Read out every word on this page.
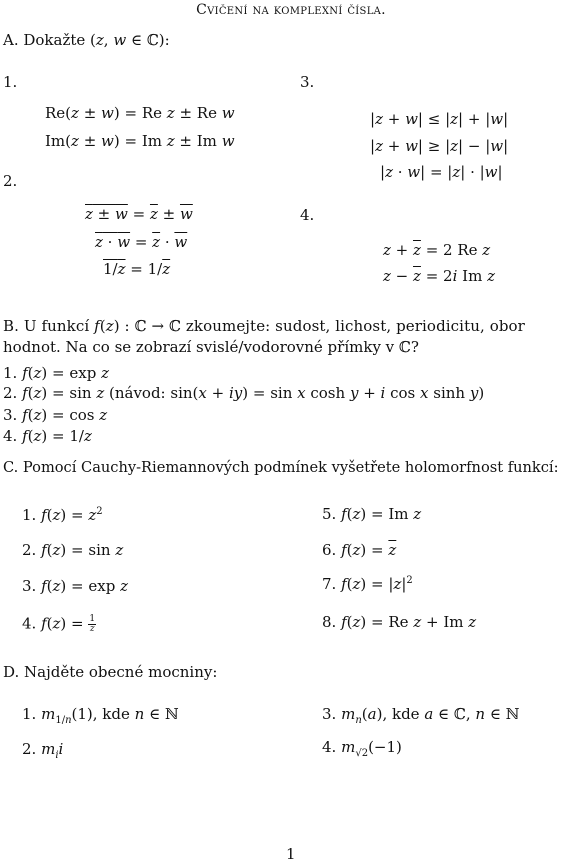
Cvičení na komplexní čísla.
A. Dokažte (z, w ∈ ℂ):
1.
Re(z ± w) = Re z ± Re w
Im(z ± w) = Im z ± Im w
2.
$z \pm w = \overline{z} \pm \overline{w}$
$z \cdot w = \overline{z} \cdot \overline{w}$
$1/z = 1/\overline{z}$
3.
|z + w| ≤ |z| + |w|
|z + w| ≥ |z| − |w|
|z · w| = |z| · |w|
4.
$z + \overline{z} = 2$ Re z
$z - \overline{z} = 2i$ Im z
B. U funkcí f(z) : ℂ → ℂ zkoumejte: sudost, lichost, periodicitu, obor
hodnot. Na co se zobrazí svislé/vodorovné přímky v ℂ?
1. f(z) = exp z
2. f(z) = sin z (návod: sin(x + iy) = sin x cosh y + i cos x sinh y)
3. f(z) = cos z
4. f(z) = 1/z
C. Pomocí Cauchy-Riemannových podmínek vyšetřete holomorfnost funkcí:
1. $f(z) = z^2$
2. f(z) = sin z
3. f(z) = exp z
4. $f(z) = \frac{1}{z}$
5. f(z) = Im z
6. $f(z) = \overline{z}$
7. $f(z) = |z|^2$
8. f(z) = Re z + Im z
D. Najděte obecné mocniny:
1. $m_{1/n}(1)$, kde n ∈ ℕ
2. $m_ii$
3. $m_n(a)$, kde a ∈ ℂ, n ∈ ℕ
4. $m_{√2}(-1)$
1
